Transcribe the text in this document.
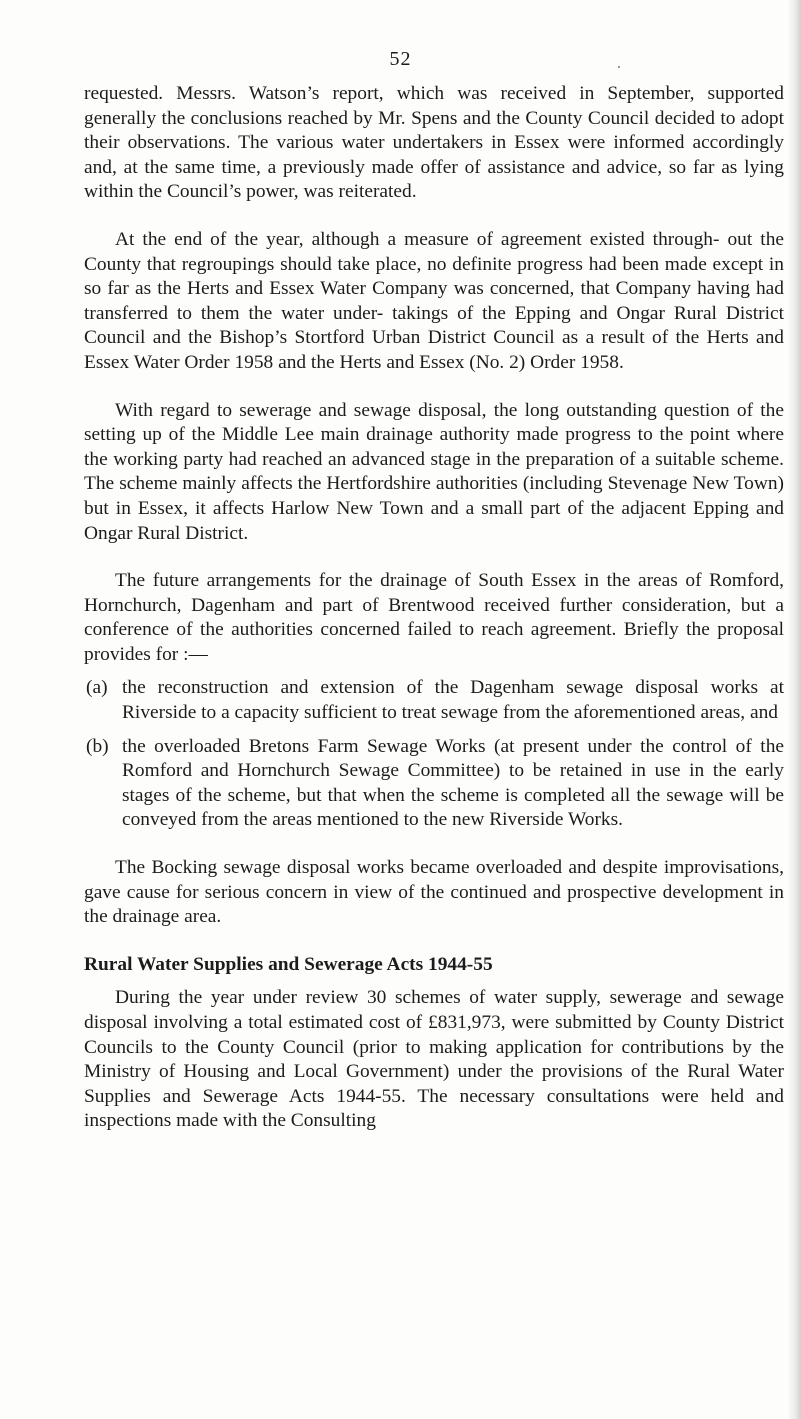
52

requested. Messrs. Watson’s report, which was received in September, supported generally the conclusions reached by Mr. Spens and the County Council decided to adopt their observations. The various water undertakers in Essex were informed accordingly and, at the same time, a previously made offer of assistance and advice, so far as lying within the Council’s power, was reiterated.

At the end of the year, although a measure of agreement existed through- out the County that regroupings should take place, no definite progress had been made except in so far as the Herts and Essex Water Company was concerned, that Company having had transferred to them the water under- takings of the Epping and Ongar Rural District Council and the Bishop’s Stortford Urban District Council as a result of the Herts and Essex Water Order 1958 and the Herts and Essex (No. 2) Order 1958.

With regard to sewerage and sewage disposal, the long outstanding question of the setting up of the Middle Lee main drainage authority made progress to the point where the working party had reached an advanced stage in the preparation of a suitable scheme. The scheme mainly affects the Hertfordshire authorities (including Stevenage New Town) but in Essex, it affects Harlow New Town and a small part of the adjacent Epping and Ongar Rural District.

The future arrangements for the drainage of South Essex in the areas of Romford, Hornchurch, Dagenham and part of Brentwood received further consideration, but a conference of the authorities concerned failed to reach agreement. Briefly the proposal provides for :—

(a) the reconstruction and extension of the Dagenham sewage disposal works at Riverside to a capacity sufficient to treat sewage from the aforementioned areas, and
(b) the overloaded Bretons Farm Sewage Works (at present under the control of the Romford and Hornchurch Sewage Committee) to be retained in use in the early stages of the scheme, but that when the scheme is completed all the sewage will be conveyed from the areas mentioned to the new Riverside Works.

The Bocking sewage disposal works became overloaded and despite improvisations, gave cause for serious concern in view of the continued and prospective development in the drainage area.

Rural Water Supplies and Sewerage Acts 1944-55

During the year under review 30 schemes of water supply, sewerage and sewage disposal involving a total estimated cost of £831,973, were submitted by County District Councils to the County Council (prior to making application for contributions by the Ministry of Housing and Local Government) under the provisions of the Rural Water Supplies and Sewerage Acts 1944-55. The necessary consultations were held and inspections made with the Consulting
